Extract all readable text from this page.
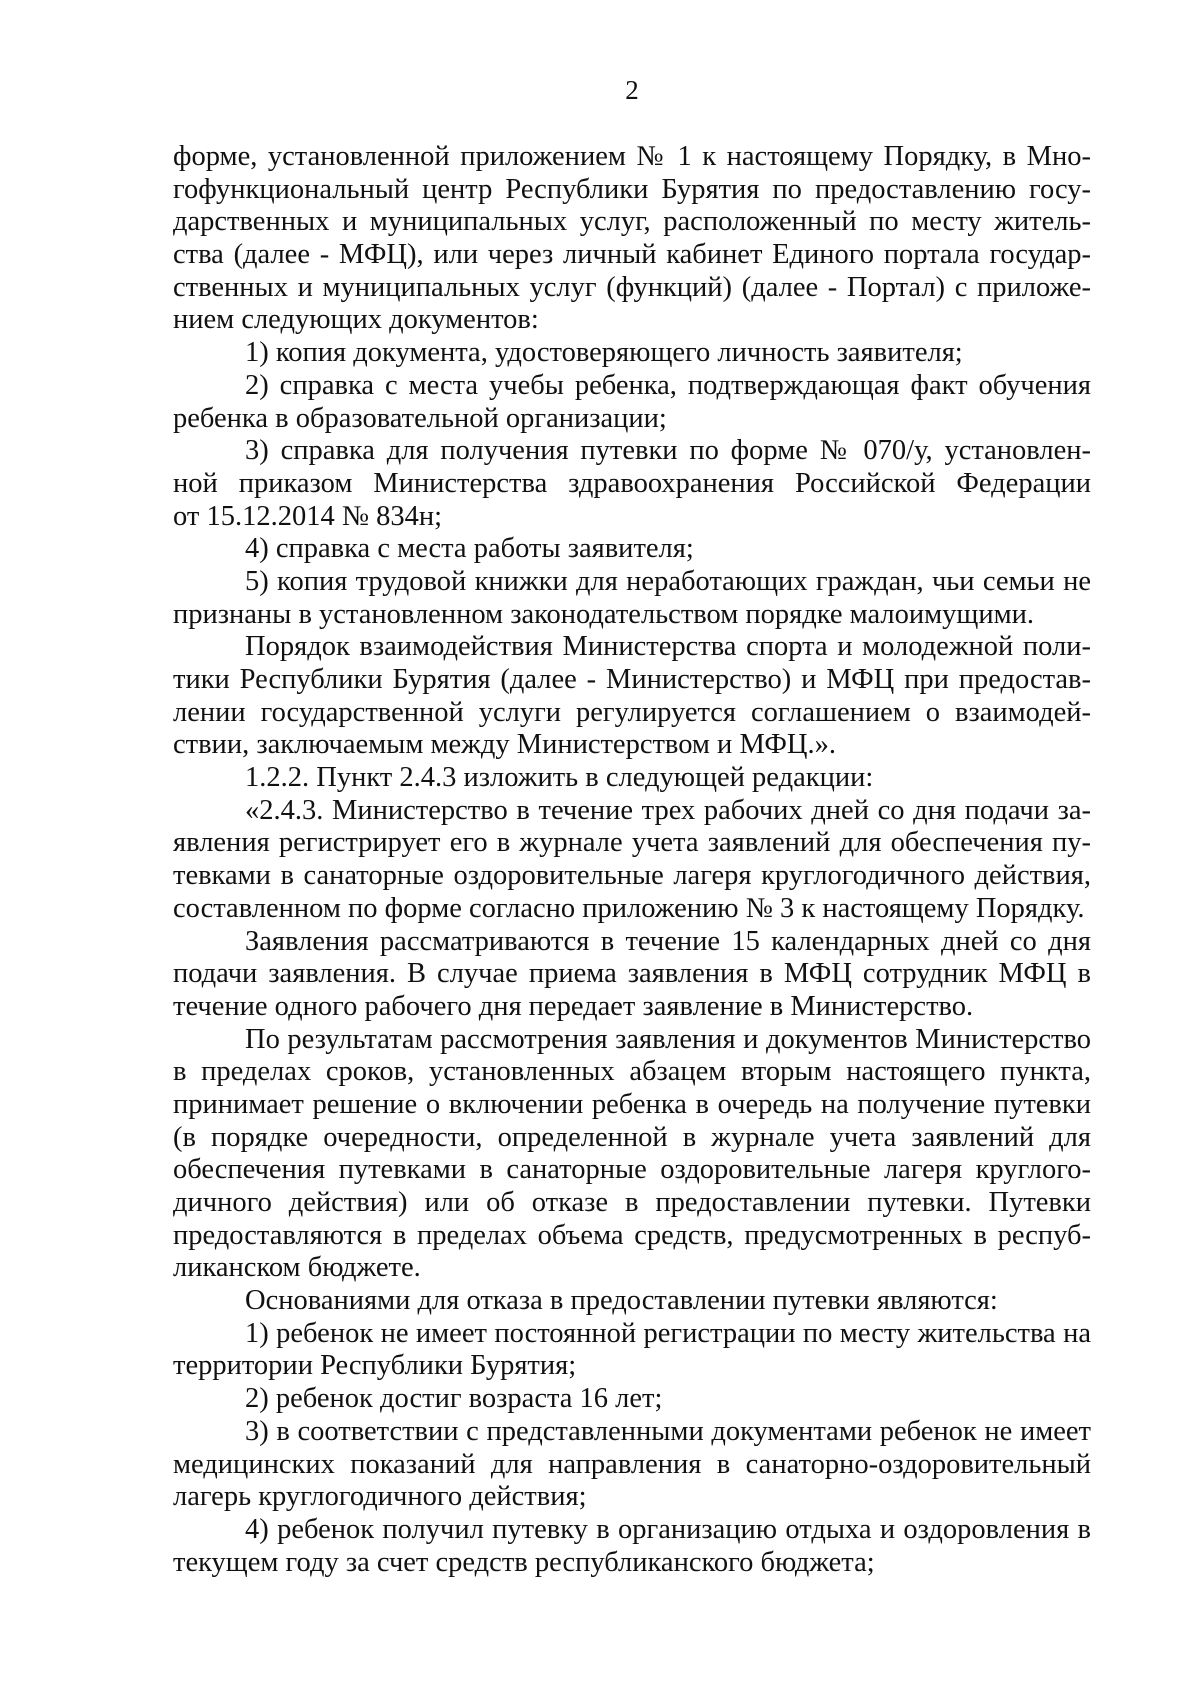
2
форме, установленной приложением № 1 к настоящему Порядку, в Мно-
гофункциональный центр Республики Бурятия по предоставлению госу-
дарственных и муниципальных услуг, расположенный по месту житель-
ства (далее - МФЦ), или через личный кабинет Единого портала государ-
ственных и муниципальных услуг (функций) (далее - Портал) с приложе-
нием следующих документов:
1) копия документа, удостоверяющего личность заявителя;
2) справка с места учебы ребенка, подтверждающая факт обучения
ребенка в образовательной организации;
3) справка для получения путевки по форме № 070/у, установлен-
ной приказом Министерства здравоохранения Российской Федерации
от 15.12.2014 № 834н;
4) справка с места работы заявителя;
5) копия трудовой книжки для неработающих граждан, чьи семьи не
признаны в установленном законодательством порядке малоимущими.
Порядок взаимодействия Министерства спорта и молодежной поли-
тики Республики Бурятия (далее - Министерство) и МФЦ при предостав-
лении государственной услуги регулируется соглашением о взаимодей-
ствии, заключаемым между Министерством и МФЦ.».
1.2.2. Пункт 2.4.3 изложить в следующей редакции:
«2.4.3. Министерство в течение трех рабочих дней со дня подачи за-
явления регистрирует его в журнале учета заявлений для обеспечения пу-
тевками в санаторные оздоровительные лагеря круглогодичного действия,
составленном по форме согласно приложению № 3 к настоящему Порядку.
Заявления рассматриваются в течение 15 календарных дней со дня
подачи заявления. В случае приема заявления в МФЦ сотрудник МФЦ в
течение одного рабочего дня передает заявление в Министерство.
По результатам рассмотрения заявления и документов Министерство
в пределах сроков, установленных абзацем вторым настоящего пункта,
принимает решение о включении ребенка в очередь на получение путевки
(в порядке очередности, определенной в журнале учета заявлений для
обеспечения путевками в санаторные оздоровительные лагеря круглого-
дичного действия) или об отказе в предоставлении путевки. Путевки
предоставляются в пределах объема средств, предусмотренных в респуб-
ликанском бюджете.
Основаниями для отказа в предоставлении путевки являются:
1) ребенок не имеет постоянной регистрации по месту жительства на
территории Республики Бурятия;
2) ребенок достиг возраста 16 лет;
3) в соответствии с представленными документами ребенок не имеет
медицинских показаний для направления в санаторно-оздоровительный
лагерь круглогодичного действия;
4) ребенок получил путевку в организацию отдыха и оздоровления в
текущем году за счет средств республиканского бюджета;
